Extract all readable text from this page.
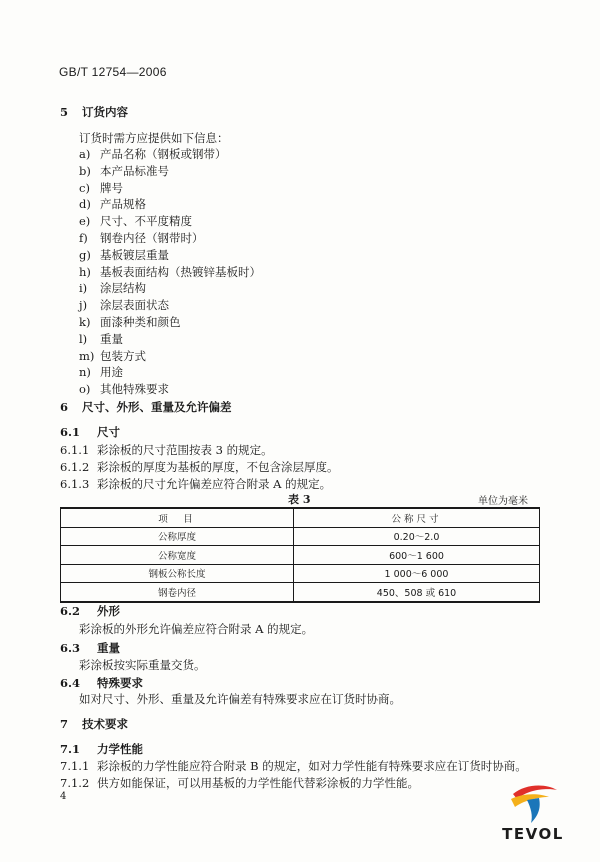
GB/T 12754—2006
5 订货内容
订货时需方应提供如下信息：
a) 产品名称（钢板或钢带）
b) 本产品标准号
c) 牌号
d) 产品规格
e) 尺寸、不平度精度
f) 钢卷内径（钢带时）
g) 基板镀层重量
h) 基板表面结构（热镀锌基板时）
i) 涂层结构
j) 涂层表面状态
k) 面漆种类和颜色
l) 重量
m) 包装方式
n) 用途
o) 其他特殊要求
6 尺寸、外形、重量及允许偏差
6.1 尺寸
6.1.1 彩涂板的尺寸范围按表 3 的规定。
6.1.2 彩涂板的厚度为基板的厚度，不包含涂层厚度。
6.1.3 彩涂板的尺寸允许偏差应符合附录 A 的规定。
表 3	单位为毫米
项　目	公称尺寸
公称厚度	0.20～2.0
公称宽度	600～1 600
钢板公称长度	1 000～6 000
钢卷内径	450、508 或 610
6.2 外形
彩涂板的外形允许偏差应符合附录 A 的规定。
6.3 重量
彩涂板按实际重量交货。
6.4 特殊要求
如对尺寸、外形、重量及允许偏差有特殊要求应在订货时协商。
7 技术要求
7.1 力学性能
7.1.1 彩涂板的力学性能应符合附录 B 的规定，如对力学性能有特殊要求应在订货时协商。
7.1.2 供方如能保证，可以用基板的力学性能代替彩涂板的力学性能。
4
TEVOL
